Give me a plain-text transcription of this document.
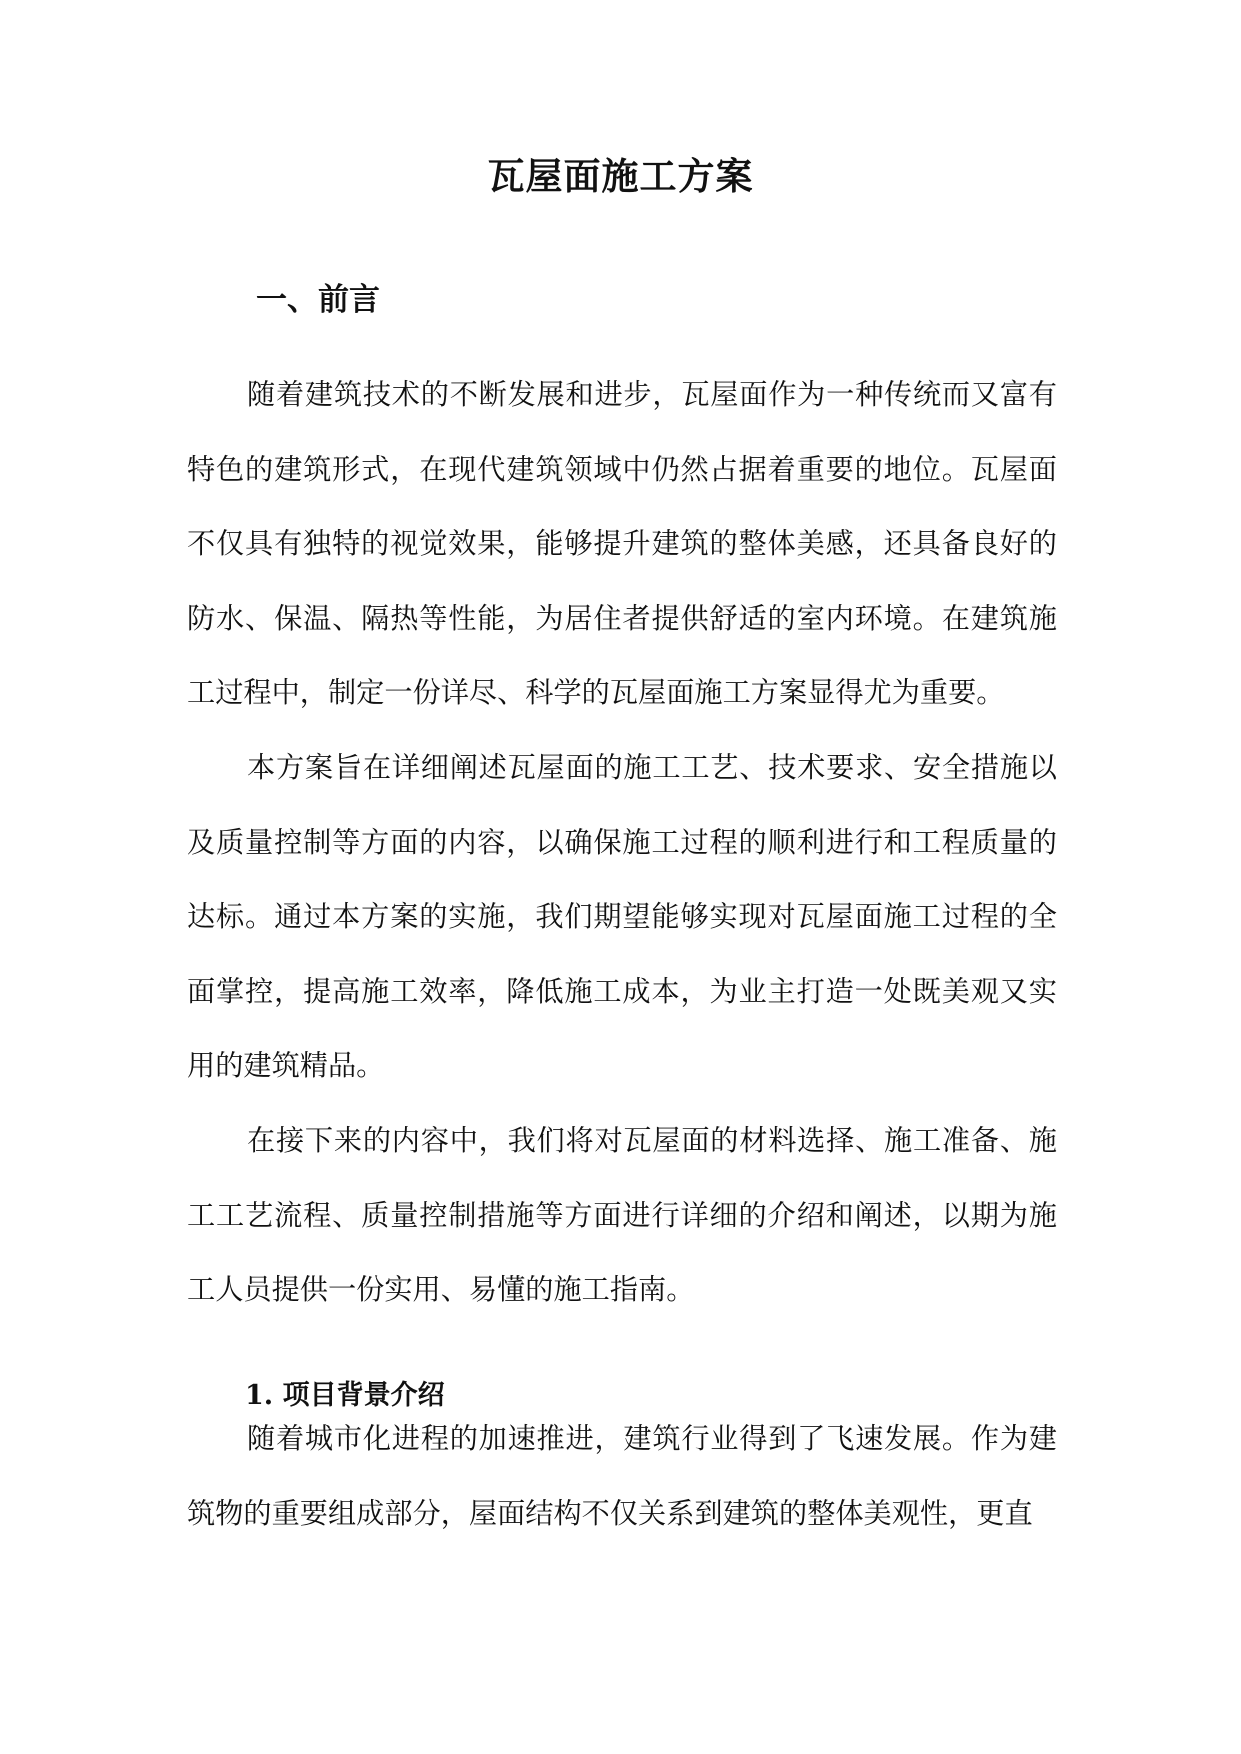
瓦屋面施工方案
一、前言

随着建筑技术的不断发展和进步，瓦屋面作为一种传统而又富有特色的建筑形式，在现代建筑领域中仍然占据着重要的地位。瓦屋面不仅具有独特的视觉效果，能够提升建筑的整体美感，还具备良好的防水、保温、隔热等性能，为居住者提供舒适的室内环境。在建筑施工过程中，制定一份详尽、科学的瓦屋面施工方案显得尤为重要。

本方案旨在详细阐述瓦屋面的施工工艺、技术要求、安全措施以及质量控制等方面的内容，以确保施工过程的顺利进行和工程质量的达标。通过本方案的实施，我们期望能够实现对瓦屋面施工过程的全面掌控，提高施工效率，降低施工成本，为业主打造一处既美观又实用的建筑精品。

在接下来的内容中，我们将对瓦屋面的材料选择、施工准备、施工工艺流程、质量控制措施等方面进行详细的介绍和阐述，以期为施工人员提供一份实用、易懂的施工指南。

1. 项目背景介绍

随着城市化进程的加速推进，建筑行业得到了飞速发展。作为建筑物的重要组成部分，屋面结构不仅关系到建筑的整体美观性，更直
